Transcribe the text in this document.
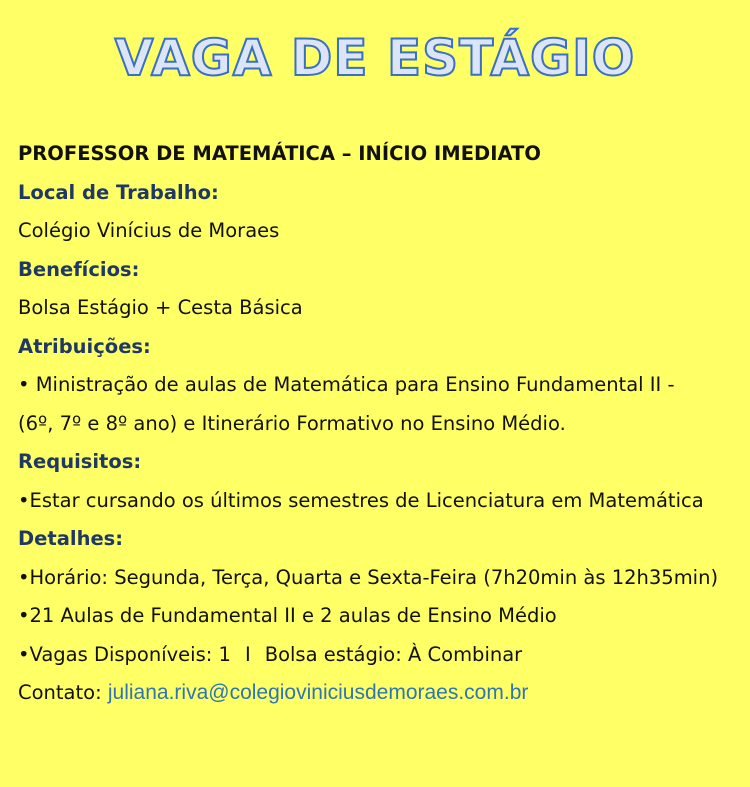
VAGA DE ESTÁGIO
PROFESSOR DE MATEMÁTICA – INÍCIO IMEDIATO
Local de Trabalho:
Colégio Vinícius de Moraes
Benefícios:
Bolsa Estágio + Cesta Básica
Atribuições:
• Ministração de aulas de Matemática para Ensino Fundamental II -
(6º, 7º e 8º ano) e Itinerário Formativo no Ensino Médio.
Requisitos:
•Estar cursando os últimos semestres de Licenciatura em Matemática
Detalhes:
•Horário: Segunda, Terça, Quarta e Sexta-Feira (7h20min às 12h35min)
•21 Aulas de Fundamental II e 2 aulas de Ensino Médio
•Vagas Disponíveis: 1 I Bolsa estágio: À Combinar
Contato: juliana.riva@colegioviniciusdemoraes.com.br
